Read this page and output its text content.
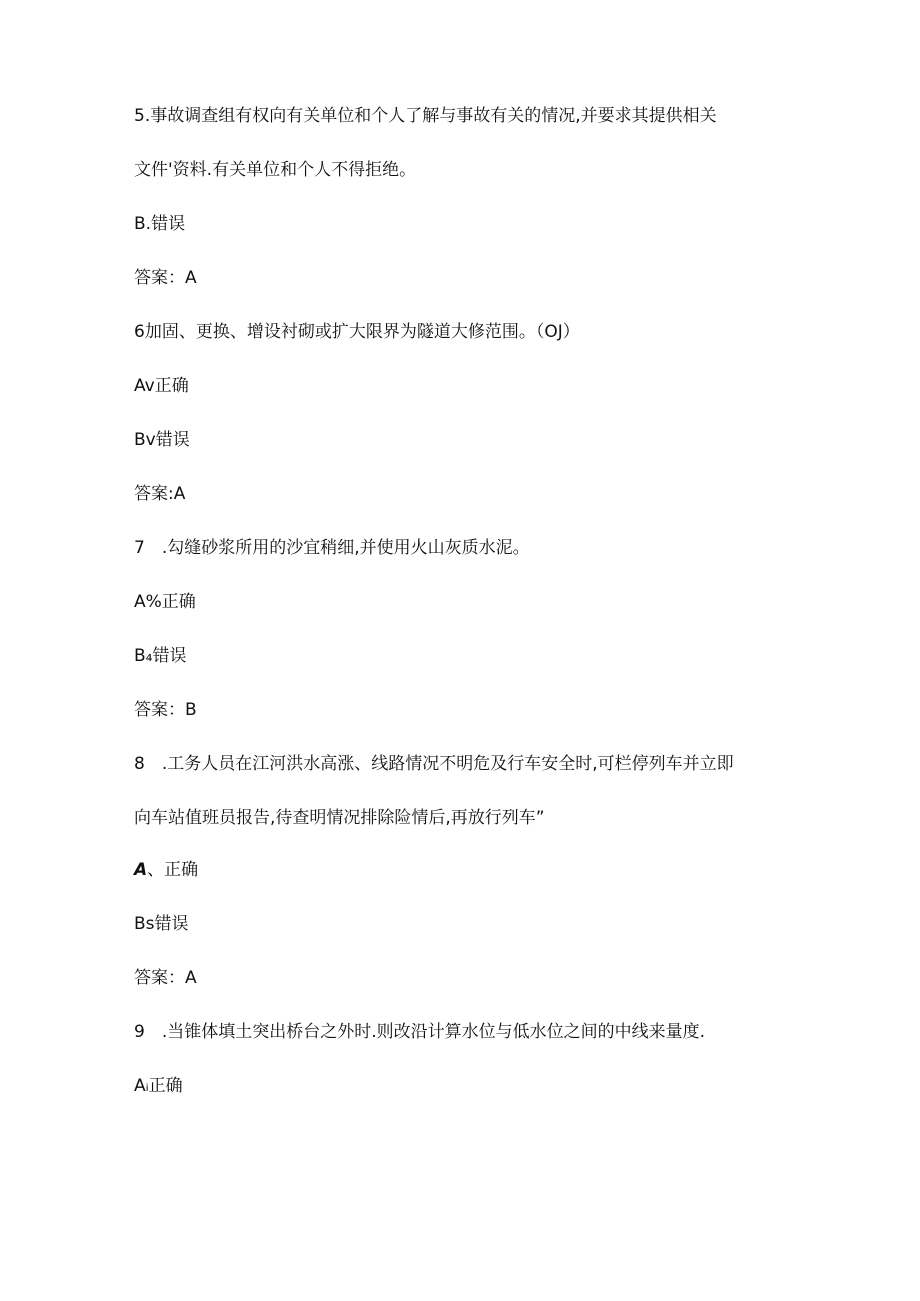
5.事故调查组有权向有关单位和个人了解与事故有关的情况,并要求其提供相关
文件'资料.有关单位和个人不得拒绝。
B.错误
答案：A
6加固、更换、增设衬砌或扩大限界为隧道大修范围。（OJ）
Av正确
Bv错误
答案:A
7　.勾缝砂浆所用的沙宜稍细,并使用火山灰质水泥。
A%正确
B₄错误
答案：B
8　.工务人员在江河洪水高涨、线路情况不明危及行车安全时,可栏停列车并立即
向车站值班员报告,待查明情况排除险情后,再放行列车”
A、正确
Bs错误
答案：A
9　.当锥体填土突出桥台之外时.则改沿计算水位与低水位之间的中线来量度.
Aᵢ正确
